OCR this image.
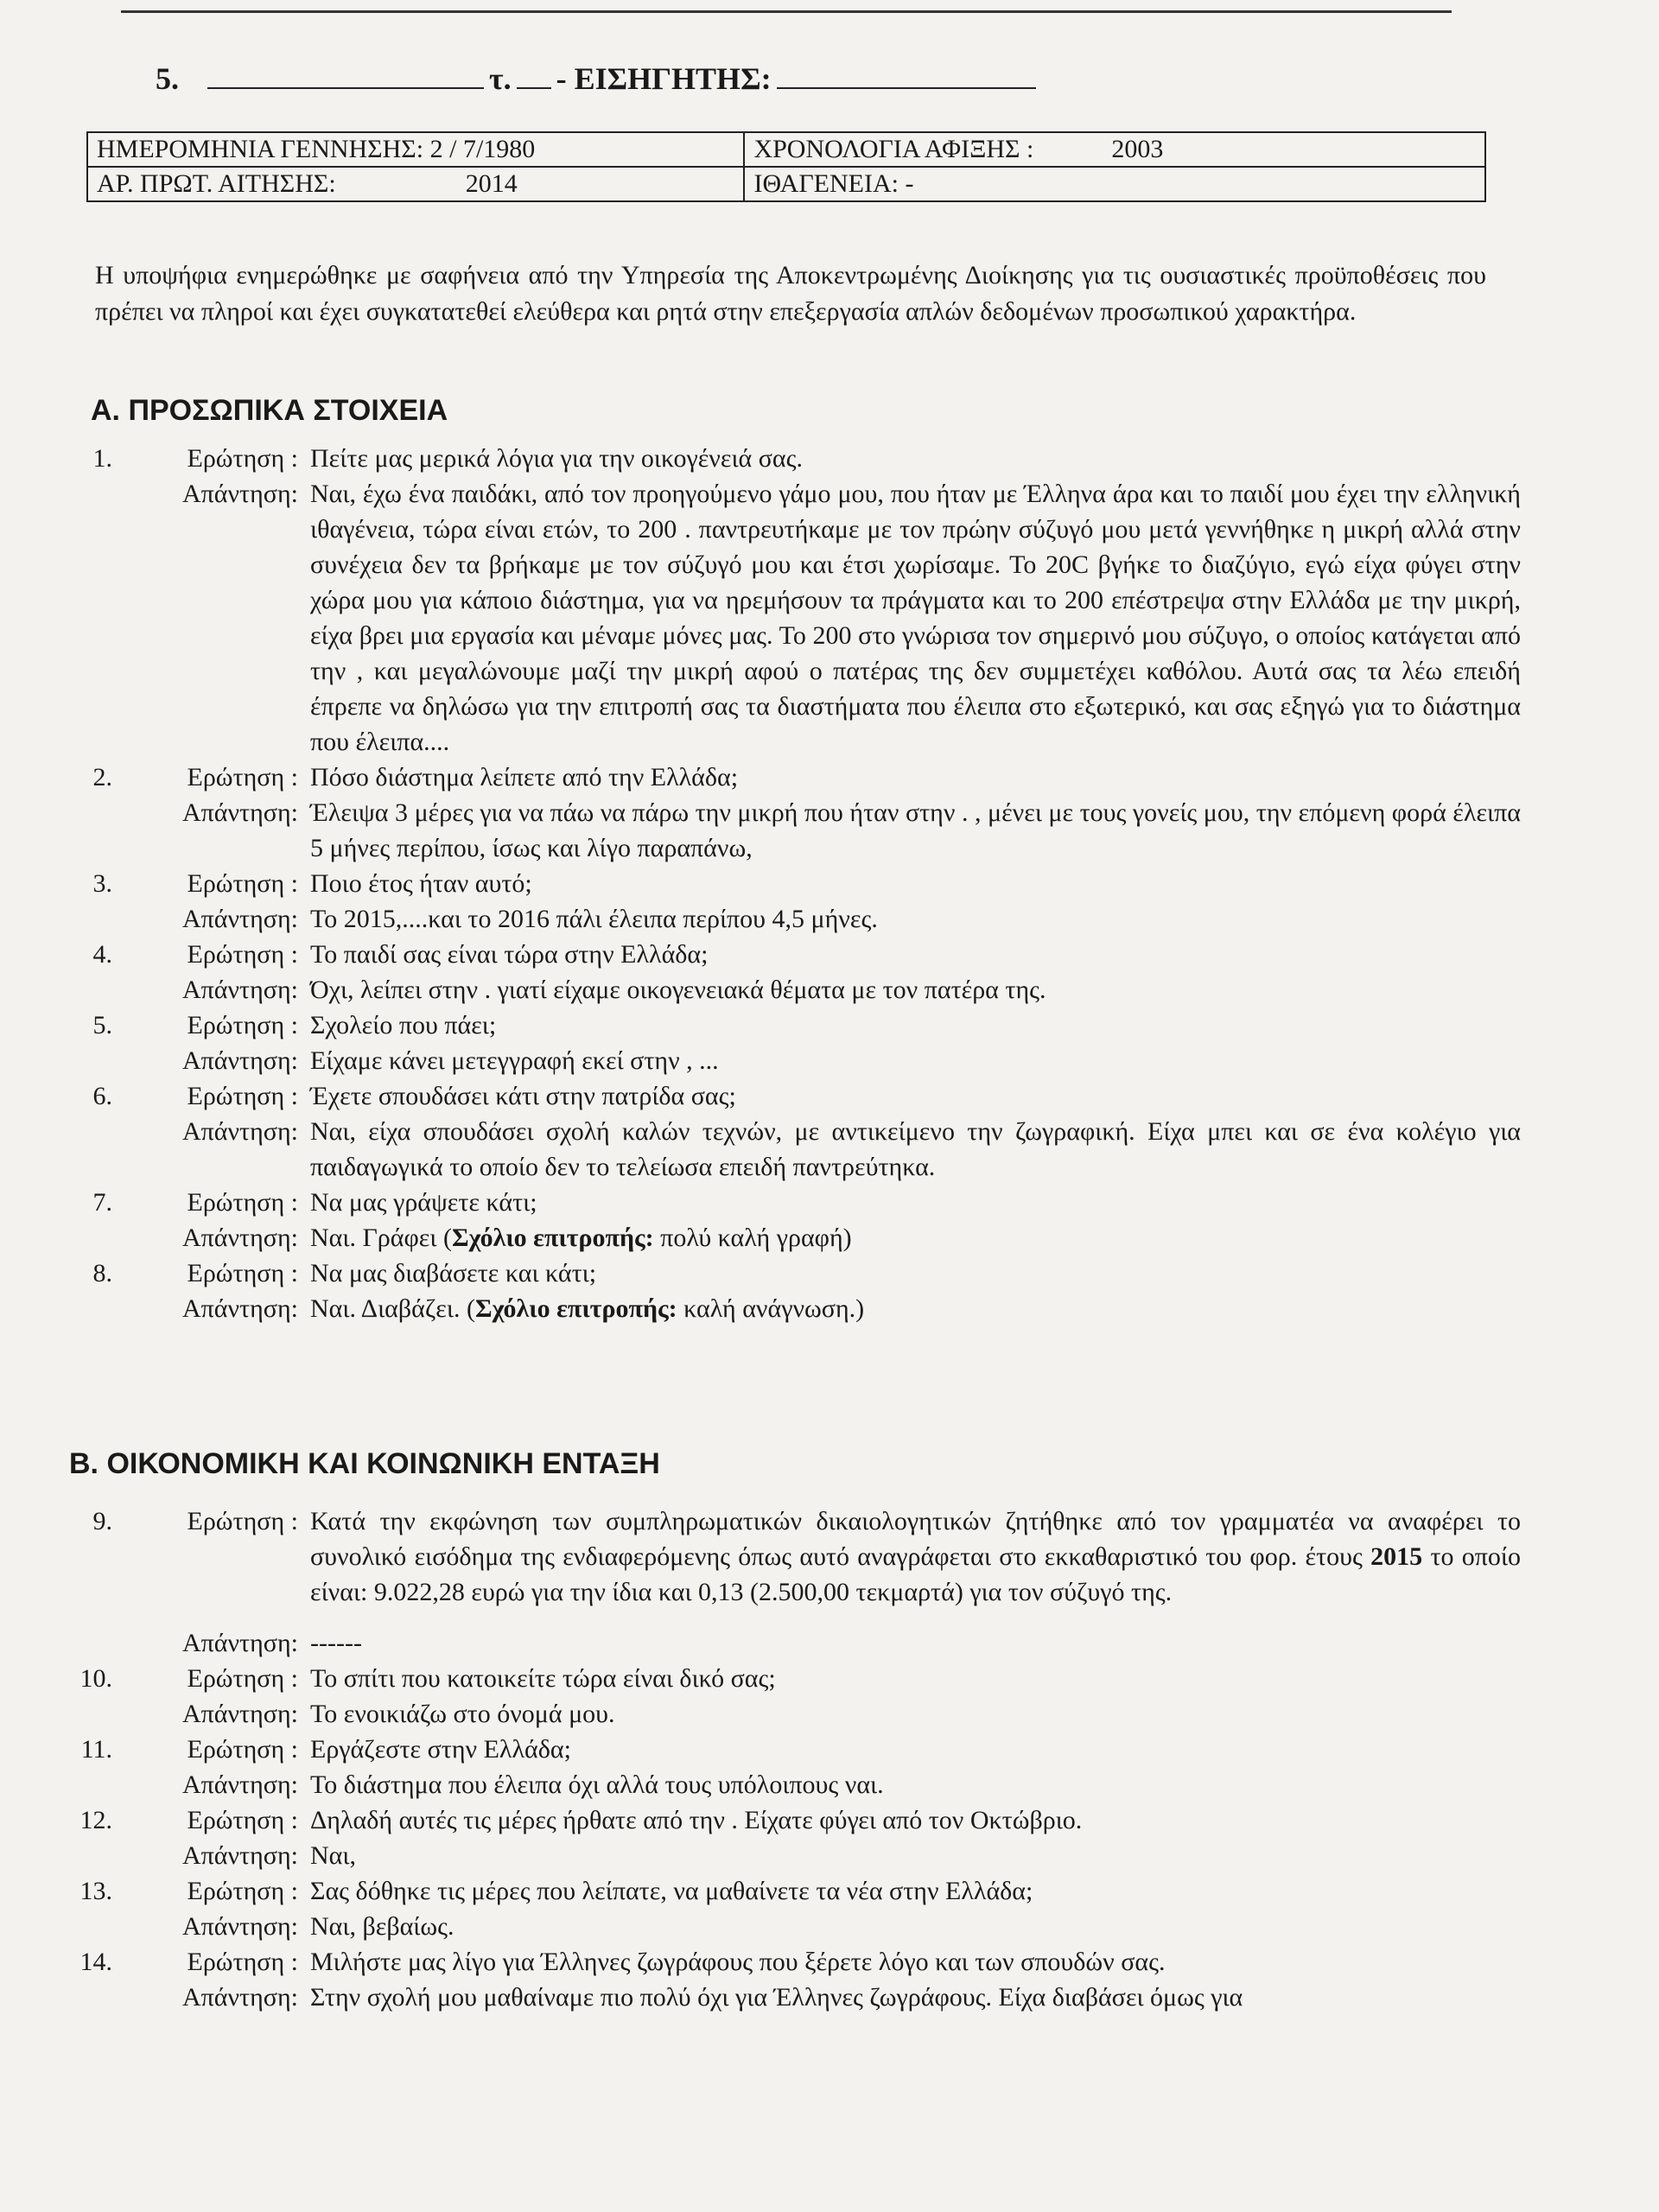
5.	τ. - ΕΙΣΗΓΗΤΗΣ:
ΗΜΕΡΟΜΗΝΙΑ ΓΕΝΝΗΣΗΣ: 2 / 7/1980	ΧΡΟΝΟΛΟΓΙΑ ΑΦΙΞΗΣ : 2003
ΑΡ. ΠΡΩΤ. ΑΙΤΗΣΗΣ: 2014	ΙΘΑΓΕΝΕΙΑ: -
Η υποψήφια ενημερώθηκε με σαφήνεια από την Υπηρεσία της Αποκεντρωμένης Διοίκησης για τις ουσιαστικές προϋποθέσεις που πρέπει να πληροί και έχει συγκατατεθεί ελεύθερα και ρητά στην επεξεργασία απλών δεδομένων προσωπικού χαρακτήρα.
Α. ΠΡΟΣΩΠΙΚΑ ΣΤΟΙΧΕΙΑ
1.	Ερώτηση : Πείτε μας μερικά λόγια για την οικογένειά σας.
Απάντηση: Ναι, έχω ένα παιδάκι, από τον προηγούμενο γάμο μου, που ήταν με Έλληνα άρα και το παιδί μου έχει την ελληνική ιθαγένεια, τώρα είναι ετών, το 200 . παντρευτήκαμε με τον πρώην σύζυγό μου μετά γεννήθηκε η μικρή αλλά στην συνέχεια δεν τα βρήκαμε με τον σύζυγό μου και έτσι χωρίσαμε. Το 20C βγήκε το διαζύγιο, εγώ είχα φύγει στην χώρα μου για κάποιο διάστημα, για να ηρεμήσουν τα πράγματα και το 200 επέστρεψα στην Ελλάδα με την μικρή, είχα βρει μια εργασία και μέναμε μόνες μας. Το 200 στο γνώρισα τον σημερινό μου σύζυγο, ο οποίος κατάγεται από την , και μεγαλώνουμε μαζί την μικρή αφού ο πατέρας της δεν συμμετέχει καθόλου. Αυτά σας τα λέω επειδή έπρεπε να δηλώσω για την επιτροπή σας τα διαστήματα που έλειπα στο εξωτερικό, και σας εξηγώ για το διάστημα που έλειπα....
2.	Ερώτηση : Πόσο διάστημα λείπετε από την Ελλάδα;
Απάντηση: Έλειψα 3 μέρες για να πάω να πάρω την μικρή που ήταν στην . , μένει με τους γονείς μου, την επόμενη φορά έλειπα 5 μήνες περίπου, ίσως και λίγο παραπάνω,
3.	Ερώτηση : Ποιο έτος ήταν αυτό;
Απάντηση: Το 2015,....και το 2016 πάλι έλειπα περίπου 4,5 μήνες.
4.	Ερώτηση : Το παιδί σας είναι τώρα στην Ελλάδα;
Απάντηση: Όχι, λείπει στην . γιατί είχαμε οικογενειακά θέματα με τον πατέρα της.
5.	Ερώτηση : Σχολείο που πάει;
Απάντηση: Είχαμε κάνει μετεγγραφή εκεί στην , ...
6.	Ερώτηση : Έχετε σπουδάσει κάτι στην πατρίδα σας;
Απάντηση: Ναι, είχα σπουδάσει σχολή καλών τεχνών, με αντικείμενο την ζωγραφική. Είχα μπει και σε ένα κολέγιο για παιδαγωγικά το οποίο δεν το τελείωσα επειδή παντρεύτηκα.
7.	Ερώτηση : Να μας γράψετε κάτι;
Απάντηση: Ναι. Γράφει (Σχόλιο επιτροπής: πολύ καλή γραφή)
8.	Ερώτηση : Να μας διαβάσετε και κάτι;
Απάντηση: Ναι. Διαβάζει. (Σχόλιο επιτροπής: καλή ανάγνωση.)
Β. ΟΙΚΟΝΟΜΙΚΗ ΚΑΙ ΚΟΙΝΩΝΙΚΗ ΕΝΤΑΞΗ
9.	Ερώτηση : Κατά την εκφώνηση των συμπληρωματικών δικαιολογητικών ζητήθηκε από τον γραμματέα να αναφέρει το συνολικό εισόδημα της ενδιαφερόμενης όπως αυτό αναγράφεται στο εκκαθαριστικό του φορ. έτους 2015 το οποίο είναι: 9.022,28 ευρώ για την ίδια και 0,13 (2.500,00 τεκμαρτά) για τον σύζυγό της.
Απάντηση: ------
10.	Ερώτηση : Το σπίτι που κατοικείτε τώρα είναι δικό σας;
Απάντηση: Το ενοικιάζω στο όνομά μου.
11.	Ερώτηση : Εργάζεστε στην Ελλάδα;
Απάντηση: Το διάστημα που έλειπα όχι αλλά τους υπόλοιπους ναι.
12.	Ερώτηση : Δηλαδή αυτές τις μέρες ήρθατε από την . Είχατε φύγει από τον Οκτώβριο.
Απάντηση: Ναι,
13.	Ερώτηση : Σας δόθηκε τις μέρες που λείπατε, να μαθαίνετε τα νέα στην Ελλάδα;
Απάντηση: Ναι, βεβαίως.
14.	Ερώτηση : Μιλήστε μας λίγο για Έλληνες ζωγράφους που ξέρετε λόγο και των σπουδών σας.
Απάντηση: Στην σχολή μου μαθαίναμε πιο πολύ όχι για Έλληνες ζωγράφους. Είχα διαβάσει όμως για
